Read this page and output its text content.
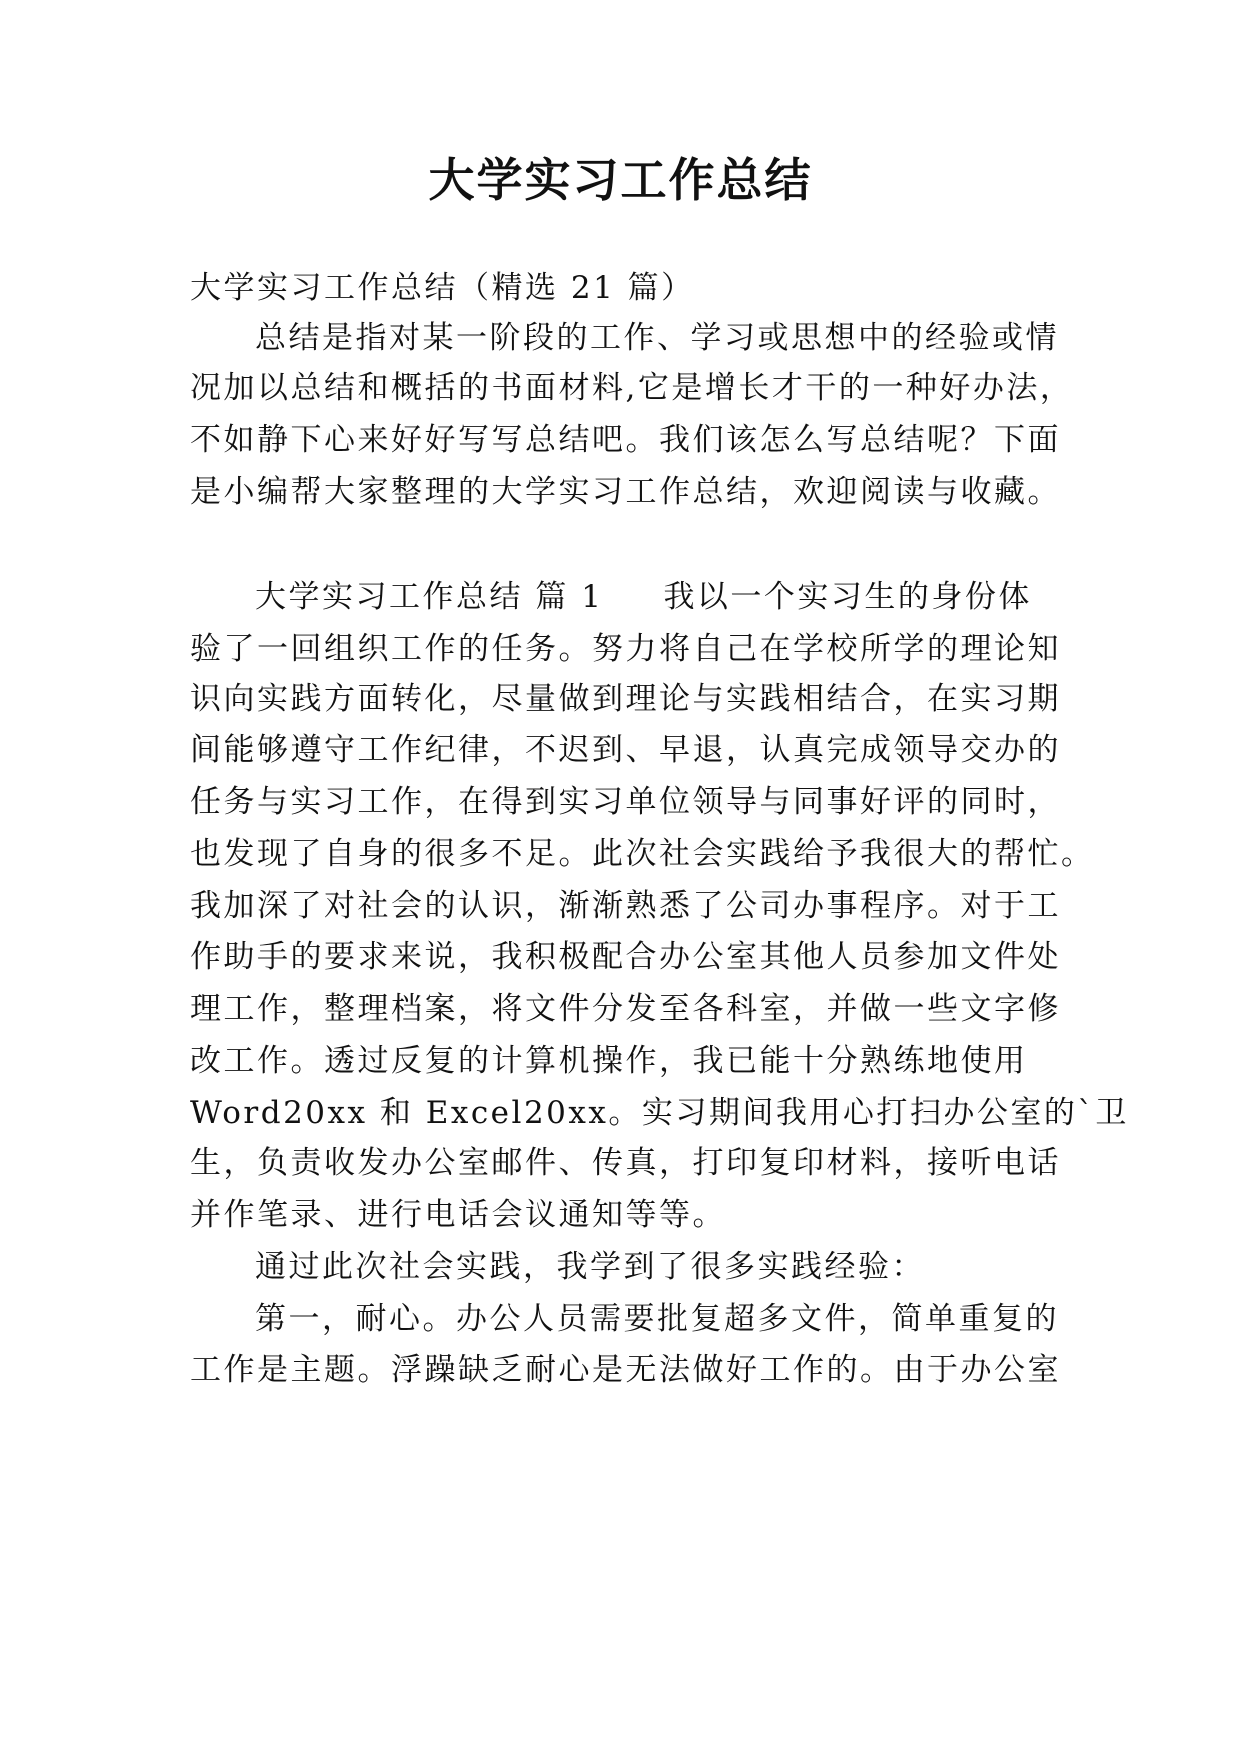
大学实习工作总结
大学实习工作总结（精选 21 篇）
总结是指对某一阶段的工作、学习或思想中的经验或情
况加以总结和概括的书面材料,它是增长才干的一种好办法，
不如静下心来好好写写总结吧。我们该怎么写总结呢？下面
是小编帮大家整理的大学实习工作总结，欢迎阅读与收藏。
大学实习工作总结 篇 1 我以一个实习生的身份体
验了一回组织工作的任务。努力将自己在学校所学的理论知
识向实践方面转化，尽量做到理论与实践相结合，在实习期
间能够遵守工作纪律，不迟到、早退，认真完成领导交办的
任务与实习工作，在得到实习单位领导与同事好评的同时，
也发现了自身的很多不足。此次社会实践给予我很大的帮忙。
我加深了对社会的认识，渐渐熟悉了公司办事程序。对于工
作助手的要求来说，我积极配合办公室其他人员参加文件处
理工作，整理档案，将文件分发至各科室，并做一些文字修
改工作。透过反复的计算机操作，我已能十分熟练地使用
Word20xx 和 Excel20xx。实习期间我用心打扫办公室的`卫
生，负责收发办公室邮件、传真，打印复印材料，接听电话
并作笔录、进行电话会议通知等等。
通过此次社会实践，我学到了很多实践经验：
第一，耐心。办公人员需要批复超多文件，简单重复的
工作是主题。浮躁缺乏耐心是无法做好工作的。由于办公室
